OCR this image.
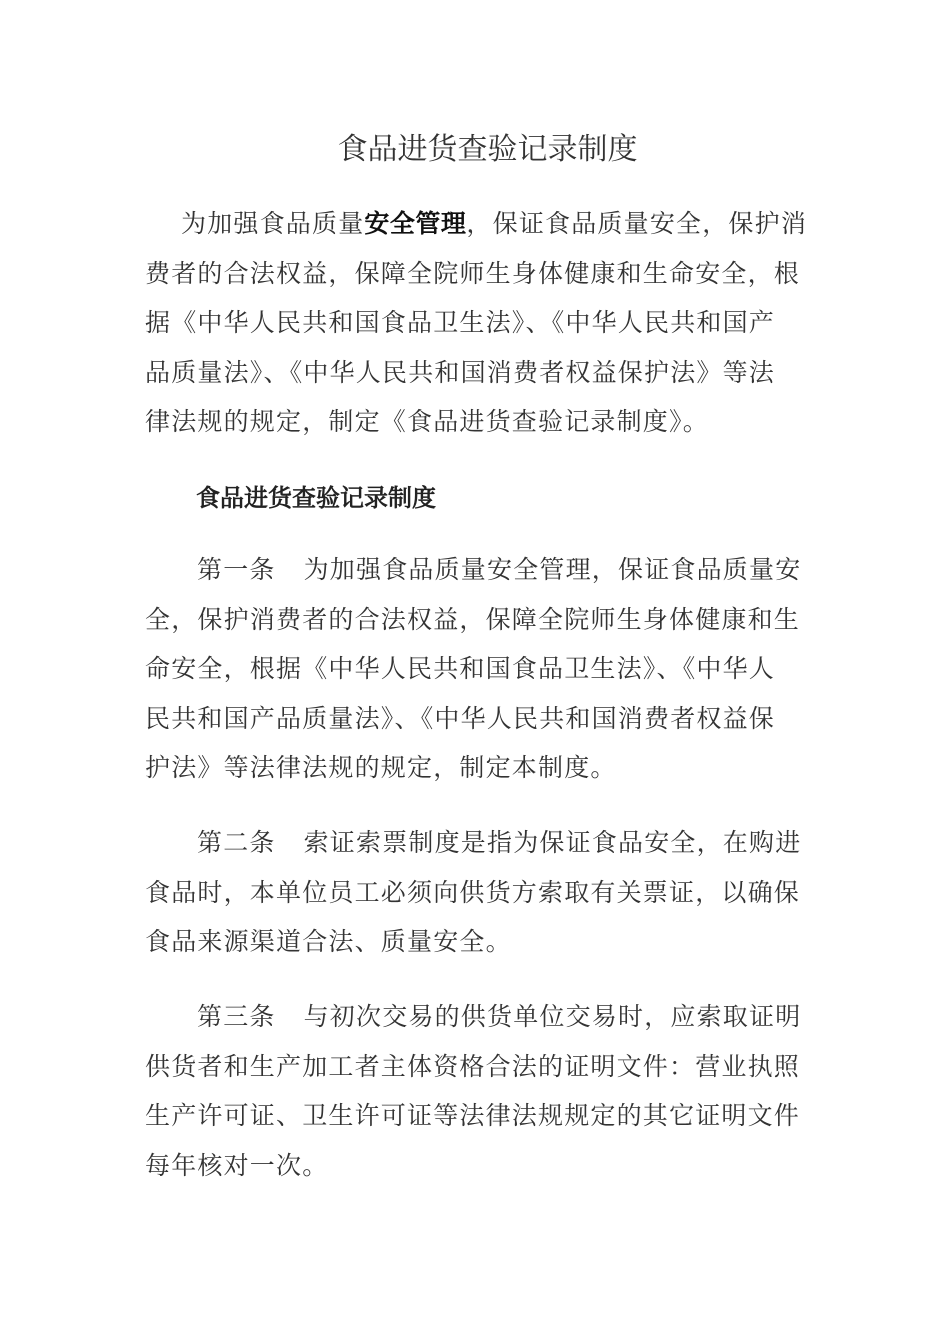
食品进货查验记录制度
为加强食品质量安全管理，保证食品质量安全，保护消
费者的合法权益，保障全院师生身体健康和生命安全，根
据《中华人民共和国食品卫生法》、《中华人民共和国产
品质量法》、《中华人民共和国消费者权益保护法》等法
律法规的规定，制定《食品进货查验记录制度》。
食品进货查验记录制度
第一条 为加强食品质量安全管理，保证食品质量安
全，保护消费者的合法权益，保障全院师生身体健康和生
命安全，根据《中华人民共和国食品卫生法》、《中华人
民共和国产品质量法》、《中华人民共和国消费者权益保
护法》等法律法规的规定，制定本制度。
第二条 索证索票制度是指为保证食品安全，在购进
食品时，本单位员工必须向供货方索取有关票证，以确保
食品来源渠道合法、质量安全。
第三条 与初次交易的供货单位交易时，应索取证明
供货者和生产加工者主体资格合法的证明文件：营业执照
生产许可证、卫生许可证等法律法规规定的其它证明文件
每年核对一次。
